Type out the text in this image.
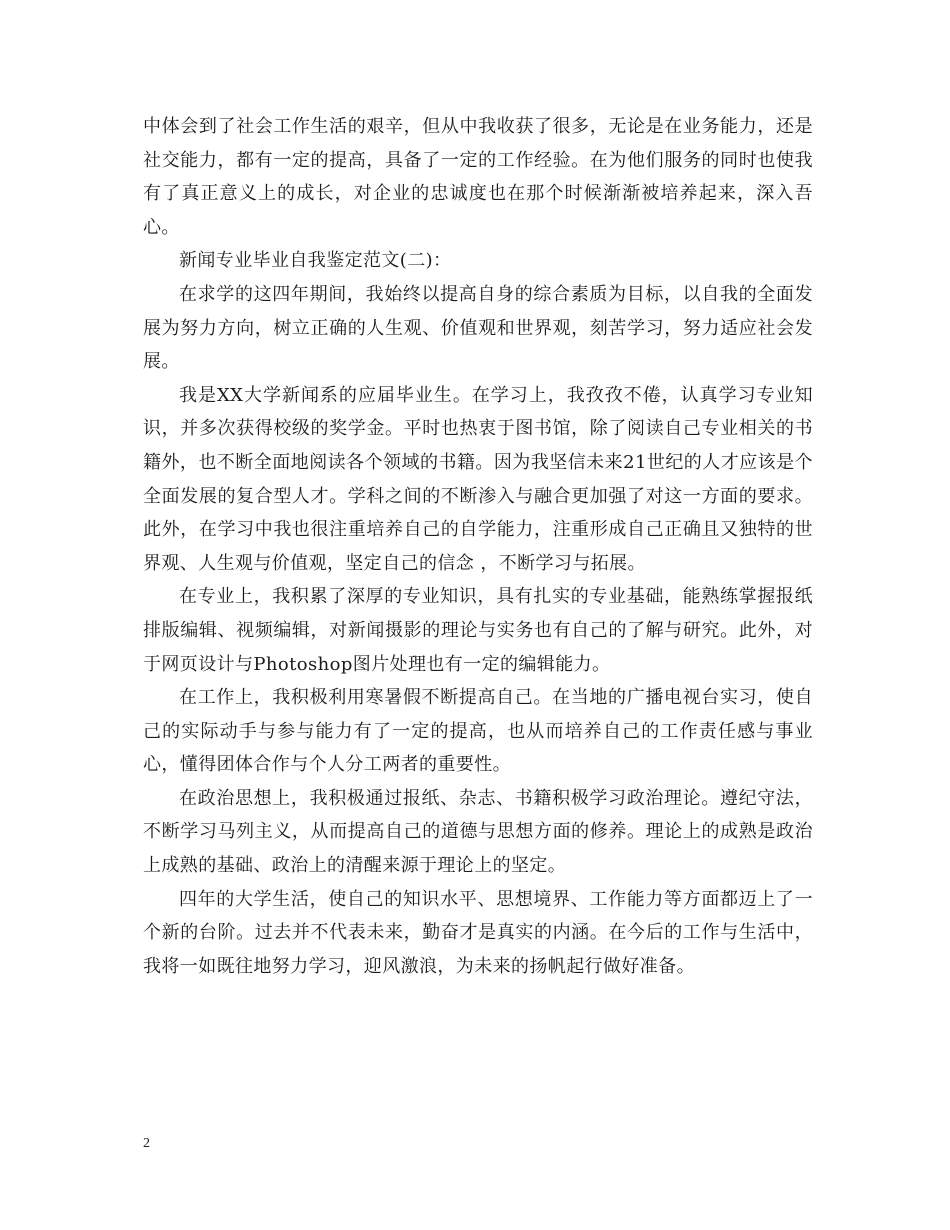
中体会到了社会工作生活的艰辛，但从中我收获了很多，无论是在业务能力，还是社交能力，都有一定的提高，具备了一定的工作经验。在为他们服务的同时也使我有了真正意义上的成长，对企业的忠诚度也在那个时候渐渐被培养起来，深入吾心。

新闻专业毕业自我鉴定范文(二)：

在求学的这四年期间，我始终以提高自身的综合素质为目标，以自我的全面发展为努力方向，树立正确的人生观、价值观和世界观，刻苦学习，努力适应社会发展。

我是XX大学新闻系的应届毕业生。在学习上，我孜孜不倦，认真学习专业知识，并多次获得校级的奖学金。平时也热衷于图书馆，除了阅读自己专业相关的书籍外，也不断全面地阅读各个领域的书籍。因为我坚信未来21世纪的人才应该是个全面发展的复合型人才。学科之间的不断渗入与融合更加强了对这一方面的要求。此外，在学习中我也很注重培养自己的自学能力，注重形成自己正确且又独特的世界观、人生观与价值观，坚定自己的信念 ，不断学习与拓展。

在专业上，我积累了深厚的专业知识，具有扎实的专业基础，能熟练掌握报纸排版编辑、视频编辑，对新闻摄影的理论与实务也有自己的了解与研究。此外，对于网页设计与Photoshop图片处理也有一定的编辑能力。

在工作上，我积极利用寒暑假不断提高自己。在当地的广播电视台实习，使自己的实际动手与参与能力有了一定的提高，也从而培养自己的工作责任感与事业心，懂得团体合作与个人分工两者的重要性。

在政治思想上，我积极通过报纸、杂志、书籍积极学习政治理论。遵纪守法，不断学习马列主义，从而提高自己的道德与思想方面的修养。理论上的成熟是政治上成熟的基础、政治上的清醒来源于理论上的坚定。

四年的大学生活，使自己的知识水平、思想境界、工作能力等方面都迈上了一个新的台阶。过去并不代表未来，勤奋才是真实的内涵。在今后的工作与生活中，我将一如既往地努力学习，迎风激浪，为未来的扬帆起行做好准备。

2
